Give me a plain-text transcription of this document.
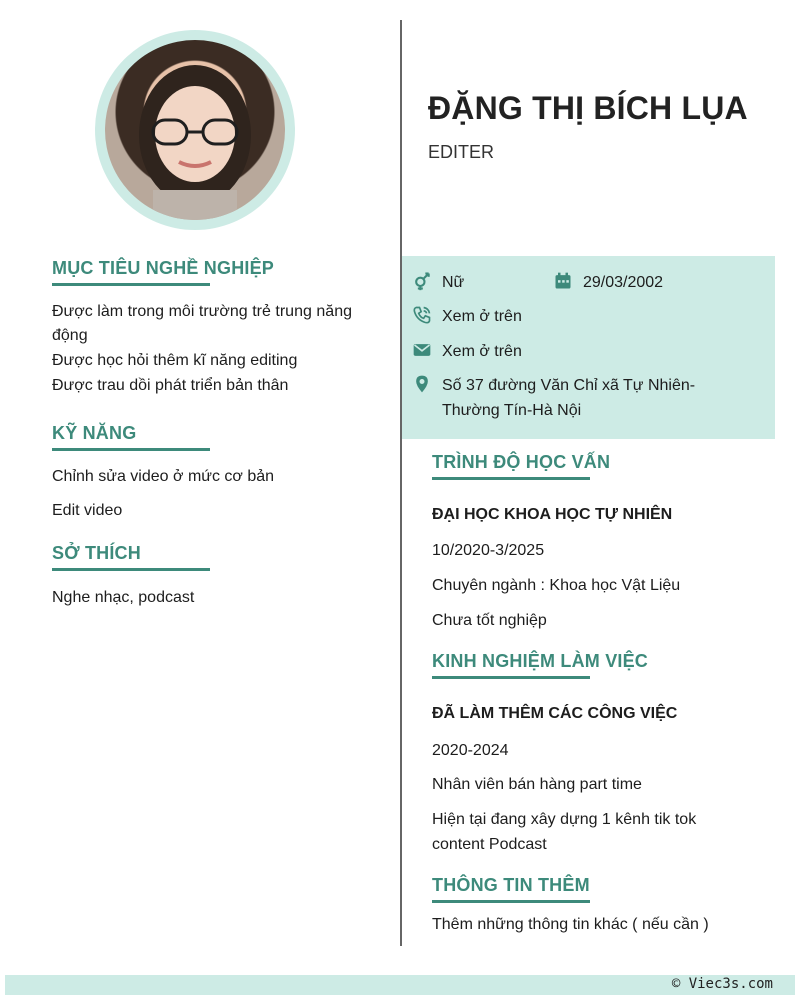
MỤC TIÊU NGHỀ NGHIỆP
Được làm trong môi trường trẻ trung năng động
Được học hỏi thêm kĩ năng editing
Được trau dồi phát triển bản thân
KỸ NĂNG
Chỉnh sửa video ở mức cơ bản
Edit video
SỞ THÍCH
Nghe nhạc, podcast
ĐẶNG THỊ BÍCH LỤA
EDITER
Nữ	29/03/2002
Xem ở trên
Xem ở trên
Số 37 đường Văn Chỉ xã Tự Nhiên-
Thường Tín-Hà Nội
TRÌNH ĐỘ HỌC VẤN
ĐẠI HỌC KHOA HỌC TỰ NHIÊN
10/2020-3/2025
Chuyên ngành : Khoa học Vật Liệu
Chưa tốt nghiệp
KINH NGHIỆM LÀM VIỆC
ĐÃ LÀM THÊM CÁC CÔNG VIỆC
2020-2024
Nhân viên bán hàng part time
Hiện tại đang xây dựng 1 kênh tik tok
content Podcast
THÔNG TIN THÊM
Thêm những thông tin khác ( nếu cần )
© Viec3s.com
